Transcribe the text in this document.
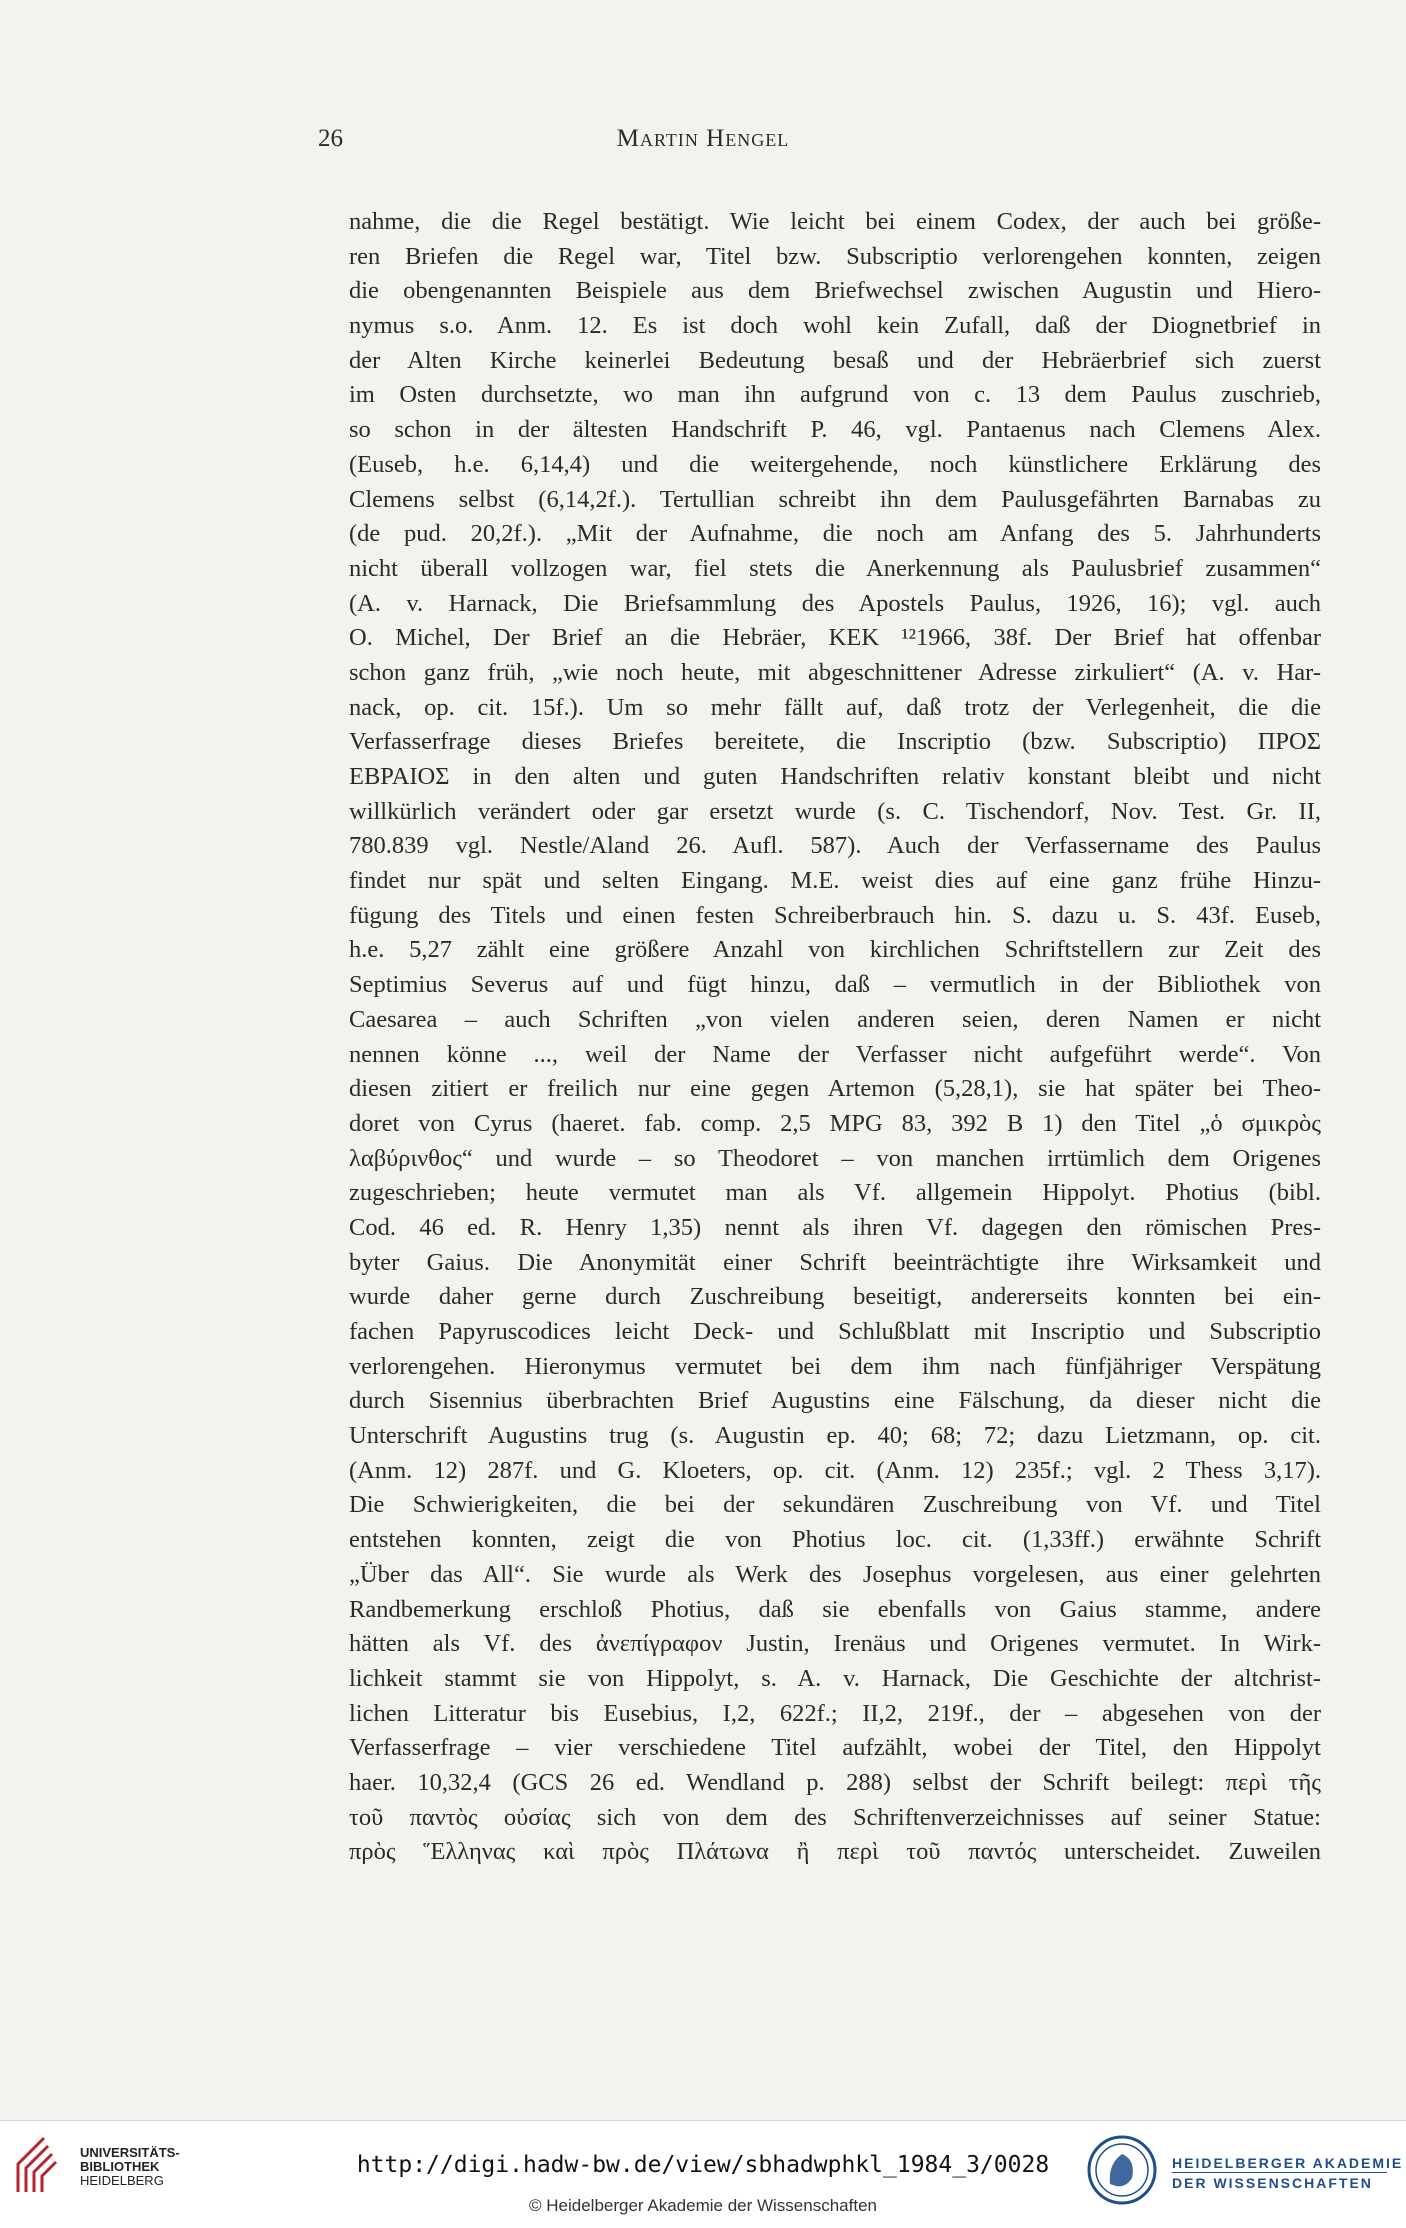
26	Martin Hengel
nahme, die die Regel bestätigt. Wie leicht bei einem Codex, der auch bei größe-
ren Briefen die Regel war, Titel bzw. Subscriptio verlorengehen konnten, zeigen
die obengenannten Beispiele aus dem Briefwechsel zwischen Augustin und Hiero-
nymus s.o. Anm. 12. Es ist doch wohl kein Zufall, daß der Diognetbrief in
der Alten Kirche keinerlei Bedeutung besaß und der Hebräerbrief sich zuerst
im Osten durchsetzte, wo man ihn aufgrund von c. 13 dem Paulus zuschrieb,
so schon in der ältesten Handschrift P. 46, vgl. Pantaenus nach Clemens Alex.
(Euseb, h.e. 6,14,4) und die weitergehende, noch künstlichere Erklärung des
Clemens selbst (6,14,2f.). Tertullian schreibt ihn dem Paulusgefährten Barnabas zu
(de pud. 20,2f.). „Mit der Aufnahme, die noch am Anfang des 5. Jahrhunderts
nicht überall vollzogen war, fiel stets die Anerkennung als Paulusbrief zusammen“
(A. v. Harnack, Die Briefsammlung des Apostels Paulus, 1926, 16); vgl. auch
O. Michel, Der Brief an die Hebräer, KEK ¹²1966, 38f. Der Brief hat offenbar
schon ganz früh, „wie noch heute, mit abgeschnittener Adresse zirkuliert“ (A. v. Har-
nack, op. cit. 15f.). Um so mehr fällt auf, daß trotz der Verlegenheit, die die
Verfasserfrage dieses Briefes bereitete, die Inscriptio (bzw. Subscriptio) ΠΡΟΣ
ΕΒΡΑΙΟΣ in den alten und guten Handschriften relativ konstant bleibt und nicht
willkürlich verändert oder gar ersetzt wurde (s. C. Tischendorf, Nov. Test. Gr. II,
780.839 vgl. Nestle/Aland 26. Aufl. 587). Auch der Verfassername des Paulus
findet nur spät und selten Eingang. M.E. weist dies auf eine ganz frühe Hinzu-
fügung des Titels und einen festen Schreiberbrauch hin. S. dazu u. S. 43f. Euseb,
h.e. 5,27 zählt eine größere Anzahl von kirchlichen Schriftstellern zur Zeit des
Septimius Severus auf und fügt hinzu, daß – vermutlich in der Bibliothek von
Caesarea – auch Schriften „von vielen anderen seien, deren Namen er nicht
nennen könne ..., weil der Name der Verfasser nicht aufgeführt werde“. Von
diesen zitiert er freilich nur eine gegen Artemon (5,28,1), sie hat später bei Theo-
doret von Cyrus (haeret. fab. comp. 2,5 MPG 83, 392 B 1) den Titel „ὁ σμικρὸς
λαβύρινθος“ und wurde – so Theodoret – von manchen irrtümlich dem Origenes
zugeschrieben; heute vermutet man als Vf. allgemein Hippolyt. Photius (bibl.
Cod. 46 ed. R. Henry 1,35) nennt als ihren Vf. dagegen den römischen Pres-
byter Gaius. Die Anonymität einer Schrift beeinträchtigte ihre Wirksamkeit und
wurde daher gerne durch Zuschreibung beseitigt, andererseits konnten bei ein-
fachen Papyruscodices leicht Deck- und Schlußblatt mit Inscriptio und Subscriptio
verlorengehen. Hieronymus vermutet bei dem ihm nach fünfjähriger Verspätung
durch Sisennius überbrachten Brief Augustins eine Fälschung, da dieser nicht die
Unterschrift Augustins trug (s. Augustin ep. 40; 68; 72; dazu Lietzmann, op. cit.
(Anm. 12) 287f. und G. Kloeters, op. cit. (Anm. 12) 235f.; vgl. 2 Thess 3,17).
Die Schwierigkeiten, die bei der sekundären Zuschreibung von Vf. und Titel
entstehen konnten, zeigt die von Photius loc. cit. (1,33ff.) erwähnte Schrift
„Über das All“. Sie wurde als Werk des Josephus vorgelesen, aus einer gelehrten
Randbemerkung erschloß Photius, daß sie ebenfalls von Gaius stamme, andere
hätten als Vf. des ἀνεπίγραφον Justin, Irenäus und Origenes vermutet. In Wirk-
lichkeit stammt sie von Hippolyt, s. A. v. Harnack, Die Geschichte der altchrist-
lichen Litteratur bis Eusebius, I,2, 622f.; II,2, 219f., der – abgesehen von der
Verfasserfrage – vier verschiedene Titel aufzählt, wobei der Titel, den Hippolyt
haer. 10,32,4 (GCS 26 ed. Wendland p. 288) selbst der Schrift beilegt: περὶ τῆς
τοῦ παντὸς οὐσίας sich von dem des Schriftenverzeichnisses auf seiner Statue:
πρὸς Ἕλληνας καὶ πρὸς Πλάτωνα ἢ περὶ τοῦ παντός unterscheidet. Zuweilen
UNIVERSITÄTS-
BIBLIOTHEK
HEIDELBERG
http://digi.hadw-bw.de/view/sbhadwphkl_1984_3/0028
© Heidelberger Akademie der Wissenschaften
HEIDELBERGER AKADEMIE
DER WISSENSCHAFTEN
